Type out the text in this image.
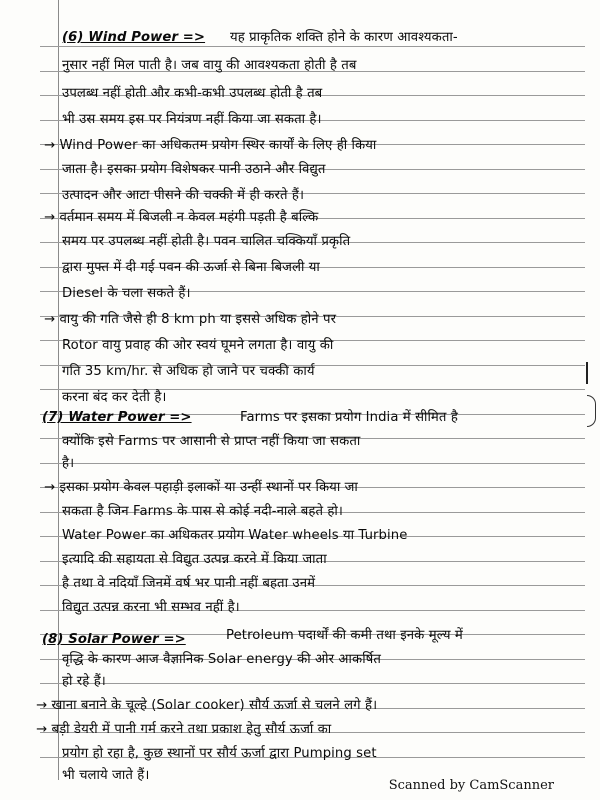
(6) Wind Power =>	यह प्राकृतिक शक्ति होने के कारण आवश्यकता-
नुसार नहीं मिल पाती है। जब वायु की आवश्यकता होती है तब
उपलब्ध नहीं होती और कभी-कभी उपलब्ध होती है तब
भी उस समय इस पर नियंत्रण नहीं किया जा सकता है।
→ Wind Power का अधिकतम प्रयोग स्थिर कार्यों के लिए ही किया
जाता है। इसका प्रयोग विशेषकर पानी उठाने और विद्युत
उत्पादन और आटा पीसने की चक्की में ही करते हैं।
→ वर्तमान समय में बिजली न केवल महंगी पड़ती है बल्कि
समय पर उपलब्ध नहीं होती है। पवन चालित चक्कियाँ प्रकृति
द्वारा मुफ्त में दी गई पवन की ऊर्जा से बिना बिजली या
Diesel के चला सकते हैं।
→ वायु की गति जैसे ही 8 km ph या इससे अधिक होने पर
Rotor वायु प्रवाह की ओर स्वयं घूमने लगता है। वायु की
गति 35 km/hr. से अधिक हो जाने पर चक्की कार्य
करना बंद कर देती है।
(7) Water Power =>	Farms पर इसका प्रयोग India में सीमित है
क्योंकि इसे Farms पर आसानी से प्राप्त नहीं किया जा सकता
है।
→ इसका प्रयोग केवल पहाड़ी इलाकों या उन्हीं स्थानों पर किया जा
सकता है जिन Farms के पास से कोई नदी-नाले बहते हो।
Water Power का अधिकतर प्रयोग Water wheels या Turbine
इत्यादि की सहायता से विद्युत उत्पन्न करने में किया जाता
है तथा वे नदियाँ जिनमें वर्ष भर पानी नहीं बहता उनमें
विद्युत उत्पन्न करना भी सम्भव नहीं है।
(8) Solar Power =>	Petroleum पदार्थों की कमी तथा इनके मूल्य में
वृद्धि के कारण आज वैज्ञानिक Solar energy की ओर आकर्षित
हो रहे हैं।
→ खाना बनाने के चूल्हे (Solar cooker) सौर्य ऊर्जा से चलने लगे हैं।
→ बड़ी डेयरी में पानी गर्म करने तथा प्रकाश हेतु सौर्य ऊर्जा का
प्रयोग हो रहा है, कुछ स्थानों पर सौर्य ऊर्जा द्वारा Pumping set
भी चलाये जाते हैं।
Scanned by CamScanner
